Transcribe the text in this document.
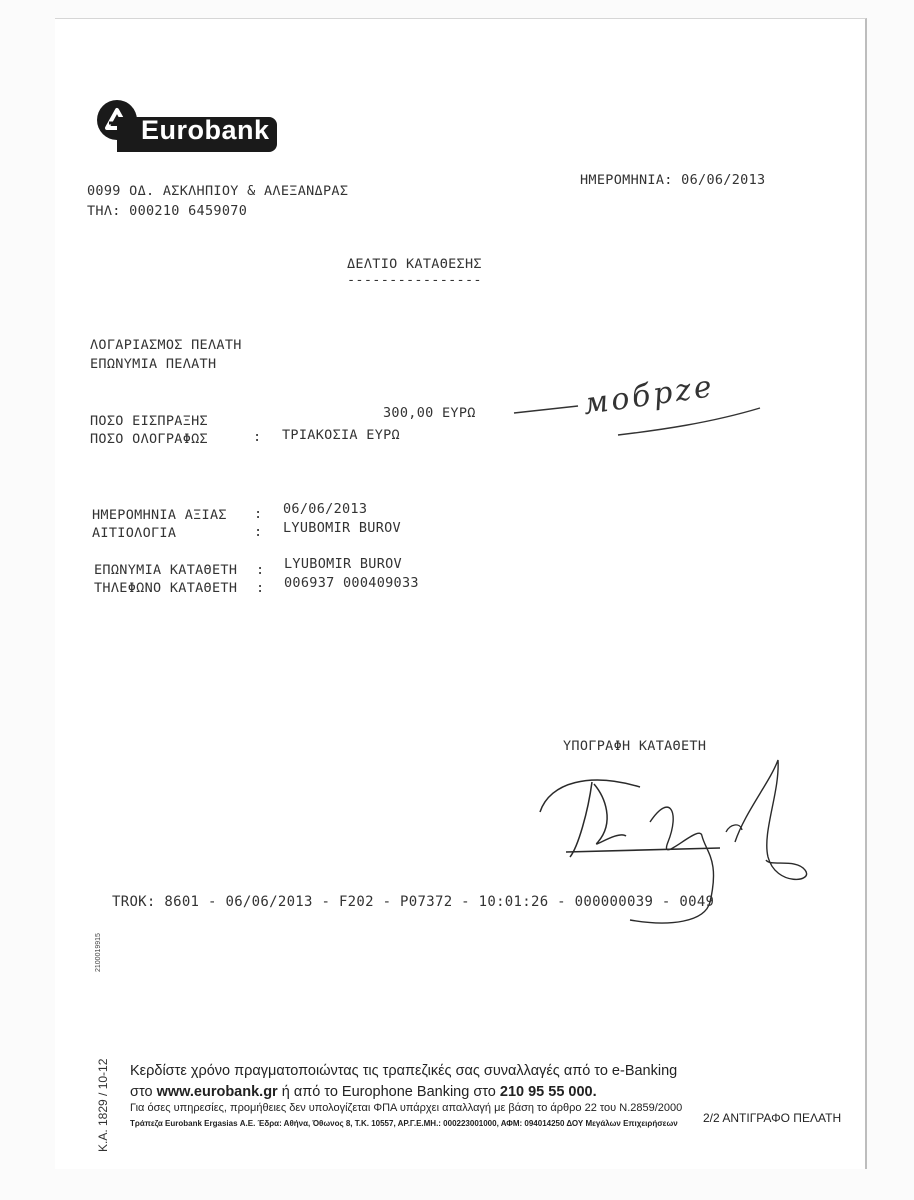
Eurobank
0099 ΟΔ. ΑΣΚΛΗΠΙΟΥ & ΑΛΕΞΑΝΔΡΑΣ
ΤΗΛ: 000210 6459070
ΗΜΕΡΟΜΗΝΙΑ: 06/06/2013
ΔΕΛΤΙΟ ΚΑΤΑΘΕΣΗΣ
----------------
ΛΟΓΑΡΙΑΣΜΟΣ ΠΕΛΑΤΗ
ΕΠΩΝΥΜΙΑ ΠΕΛΑΤΗ
ΠΟΣΟ ΕΙΣΠΡΑΞΗΣ	300,00 ΕΥΡΩ
ΠΟΣΟ ΟΛΟΓΡΑΦΩΣ	: ΤΡΙΑΚΟΣΙΑ ΕΥΡΩ
мобрze
ΗΜΕΡΟΜΗΝΙΑ ΑΞΙΑΣ : 06/06/2013
ΑΙΤΙΟΛΟΓΙΑ	: LYUBOMIR BUROV
ΕΠΩΝΥΜΙΑ ΚΑΤΑΘΕΤΗ : LYUBOMIR BUROV
ΤΗΛΕΦΩΝΟ ΚΑΤΑΘΕΤΗ : 006937 000409033
ΥΠΟΓΡΑΦΗ ΚΑΤΑΘΕΤΗ
TROK: 8601 - 06/06/2013 - F202 - P07372 - 10:01:26 - 000000039 - 0049
2100019915
K.A. 1829 / 10-12 Κερδίστε χρόνο πραγματοποιώντας τις τραπεζικές σας συναλλαγές από το e-Banking
στο www.eurobank.gr ή από το Europhone Banking στο 210 95 55 000.
Για όσες υπηρεσίες, προμήθειες δεν υπολογίζεται ΦΠΑ υπάρχει απαλλαγή με βάση το άρθρο 22 του Ν.2859/2000
Τράπεζα Eurobank Ergasias Α.Ε. Έδρα: Αθήνα, Όθωνος 8, Τ.Κ. 10557, ΑΡ.Γ.Ε.ΜΗ.: 000223001000, ΑΦΜ: 094014250 ΔΟΥ Μεγάλων Επιχειρήσεων 2/2 ΑΝΤΙΓΡΑΦΟ ΠΕΛΑΤΗ
